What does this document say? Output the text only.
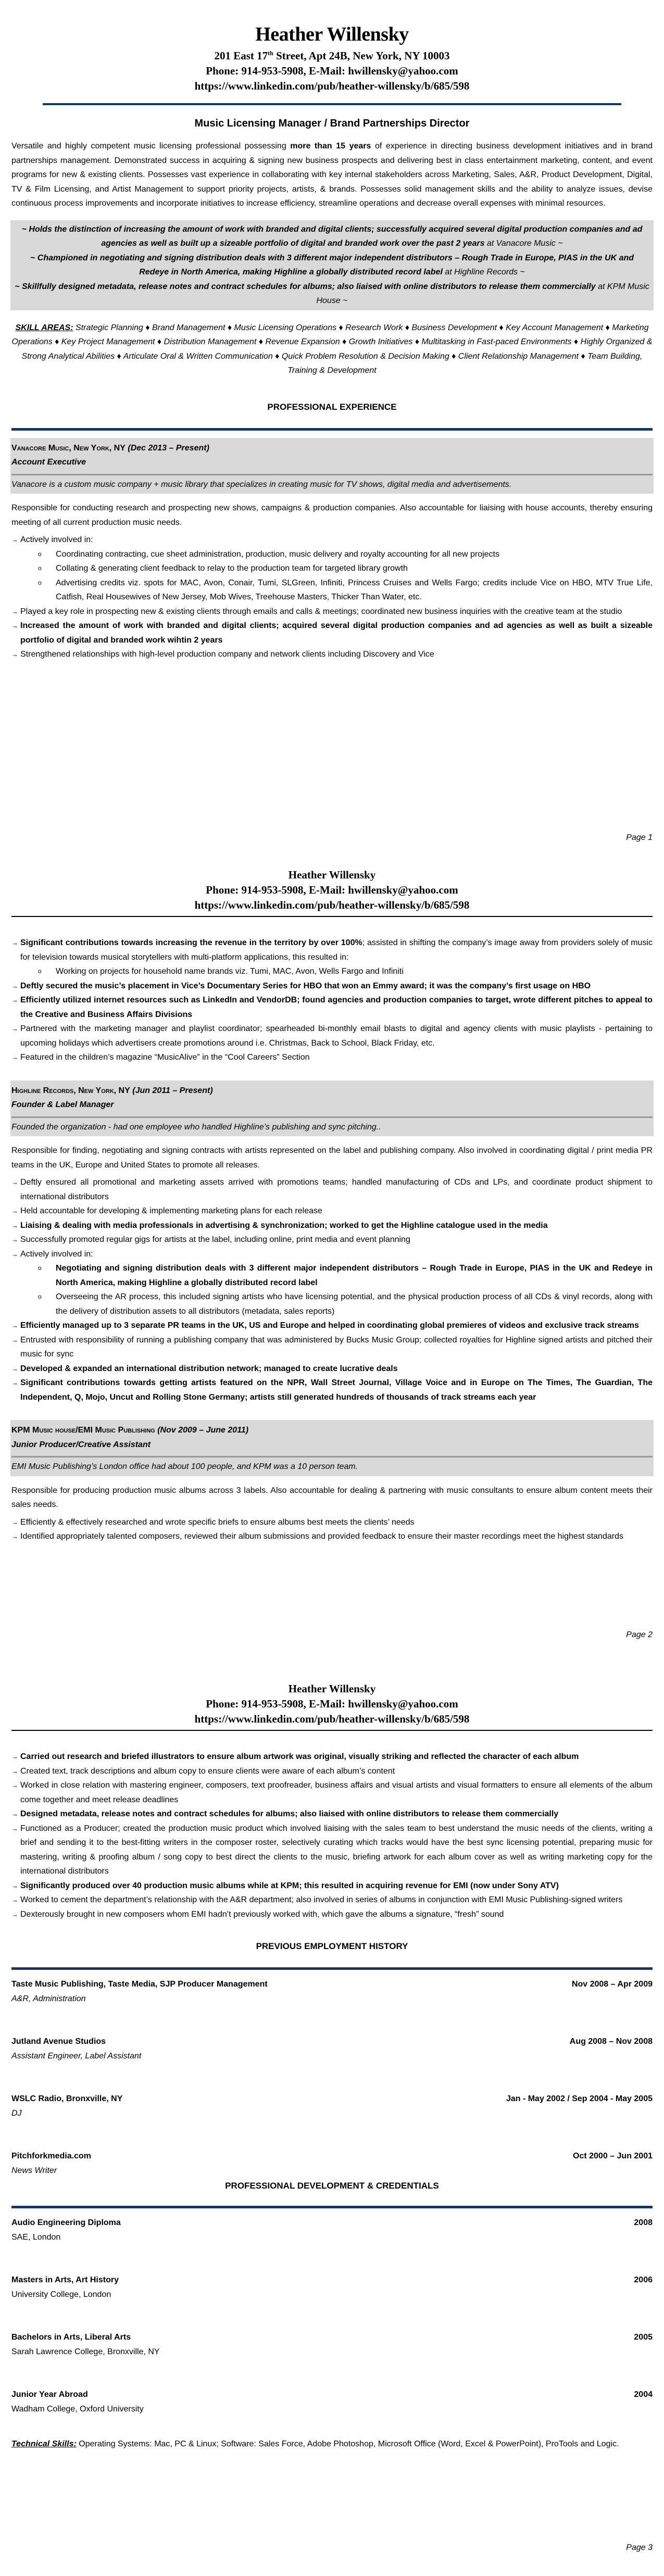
Heather Willensky
201 East 17th Street, Apt 24B, New York, NY 10003
Phone: 914-953-5908, E-Mail: hwillensky@yahoo.com
https://www.linkedin.com/pub/heather-willensky/b/685/598
Music Licensing Manager / Brand Partnerships Director
Versatile and highly competent music licensing professional possessing more than 15 years of experience in directing business development initiatives and in brand partnerships management. Demonstrated success in acquiring & signing new business prospects and delivering best in class entertainment marketing, content, and event programs for new & existing clients. Possesses vast experience in collaborating with key internal stakeholders across Marketing, Sales, A&R, Product Development, Digital, TV & Film Licensing, and Artist Management to support priority projects, artists, & brands. Possesses solid management skills and the ability to analyze issues, devise continuous process improvements and incorporate initiatives to increase efficiency, streamline operations and decrease overall expenses with minimal resources.
~ Holds the distinction of increasing the amount of work with branded and digital clients; successfully acquired several digital production companies and ad agencies as well as built up a sizeable portfolio of digital and branded work over the past 2 years at Vanacore Music ~
~ Championed in negotiating and signing distribution deals with 3 different major independent distributors – Rough Trade in Europe, PIAS in the UK and Redeye in North America, making Highline a globally distributed record label at Highline Records ~
~ Skillfully designed metadata, release notes and contract schedules for albums; also liaised with online distributors to release them commercially at KPM Music House ~
SKILL AREAS: Strategic Planning ♦ Brand Management ♦ Music Licensing Operations ♦ Research Work ♦ Business Development ♦ Key Account Management ♦ Marketing Operations ♦ Key Project Management ♦ Distribution Management ♦ Revenue Expansion ♦ Growth Initiatives ♦ Multitasking in Fast-paced Environments ♦ Highly Organized & Strong Analytical Abilities ♦ Articulate Oral & Written Communication ♦ Quick Problem Resolution & Decision Making ♦ Client Relationship Management ♦ Team Building, Training & Development
PROFESSIONAL EXPERIENCE
Vanacore Music, New York, NY (Dec 2013 – Present)
Account Executive
Vanacore is a custom music company + music library that specializes in creating music for TV shows, digital media and advertisements.
Responsible for conducting research and prospecting new shows, campaigns & production companies. Also accountable for liaising with house accounts, thereby ensuring meeting of all current production music needs.
→ Actively involved in:
o Coordinating contracting, cue sheet administration, production, music delivery and royalty accounting for all new projects
o Collating & generating client feedback to relay to the production team for targeted library growth
o Advertising credits viz. spots for MAC, Avon, Conair, Tumi, SLGreen, Infiniti, Princess Cruises and Wells Fargo; credits include Vice on HBO, MTV True Life, Catfish, Real Housewives of New Jersey, Mob Wives, Treehouse Masters, Thicker Than Water, etc.
→ Played a key role in prospecting new & existing clients through emails and calls & meetings; coordinated new business inquiries with the creative team at the studio
→ Increased the amount of work with branded and digital clients; acquired several digital production companies and ad agencies as well as built a sizeable portfolio of digital and branded work wihtin 2 years
→ Strengthened relationships with high-level production company and network clients including Discovery and Vice
Page 1
Heather Willensky
Phone: 914-953-5908, E-Mail: hwillensky@yahoo.com
https://www.linkedin.com/pub/heather-willensky/b/685/598
→ Significant contributions towards increasing the revenue in the territory by over 100%; assisted in shifting the company’s image away from providers solely of music for television towards musical storytellers with multi-platform applications, this resulted in:
o Working on projects for household name brands viz. Tumi, MAC, Avon, Wells Fargo and Infiniti
→ Deftly secured the music’s placement in Vice’s Documentary Series for HBO that won an Emmy award; it was the company’s first usage on HBO
→ Efficiently utilized internet resources such as LinkedIn and VendorDB; found agencies and production companies to target, wrote different pitches to appeal to the Creative and Business Affairs Divisions
→ Partnered with the marketing manager and playlist coordinator; spearheaded bi-monthly email blasts to digital and agency clients with music playlists - pertaining to upcoming holidays which advertisers create promotions around i.e. Christmas, Back to School, Black Friday, etc.
→ Featured in the children’s magazine “MusicAlive” in the “Cool Careers” Section
Highline Records, New York, NY (Jun 2011 – Present)
Founder & Label Manager
Founded the organization - had one employee who handled Highline’s publishing and sync pitching..
Responsible for finding, negotiating and signing contracts with artists represented on the label and publishing company. Also involved in coordinating digital / print media PR teams in the UK, Europe and United States to promote all releases.
→ Deftly ensured all promotional and marketing assets arrived with promotions teams; handled manufacturing of CDs and LPs, and coordinate product shipment to international distributors
→ Held accountable for developing & implementing marketing plans for each release
→ Liaising & dealing with media professionals in advertising & synchronization; worked to get the Highline catalogue used in the media
→ Successfully promoted regular gigs for artists at the label, including online, print media and event planning
→ Actively involved in:
o Negotiating and signing distribution deals with 3 different major independent distributors – Rough Trade in Europe, PIAS in the UK and Redeye in North America, making Highline a globally distributed record label
o Overseeing the AR process, this included signing artists who have licensing potential, and the physical production process of all CDs & vinyl records, along with the delivery of distribution assets to all distributors (metadata, sales reports)
→ Efficiently managed up to 3 separate PR teams in the UK, US and Europe and helped in coordinating global premieres of videos and exclusive track streams
→ Entrusted with responsibility of running a publishing company that was administered by Bucks Music Group; collected royalties for Highline signed artists and pitched their music for sync
→ Developed & expanded an international distribution network; managed to create lucrative deals
→ Significant contributions towards getting artists featured on the NPR, Wall Street Journal, Village Voice and in Europe on The Times, The Guardian, The Independent, Q, Mojo, Uncut and Rolling Stone Germany; artists still generated hundreds of thousands of track streams each year
KPM Music house/EMI Music Publishing (Nov 2009 – June 2011)
Junior Producer/Creative Assistant
EMI Music Publishing’s London office had about 100 people, and KPM was a 10 person team.
Responsible for producing production music albums across 3 labels. Also accountable for dealing & partnering with music consultants to ensure album content meets their sales needs.
→ Efficiently & effectively researched and wrote specific briefs to ensure albums best meets the clients’ needs
→ Identified appropriately talented composers, reviewed their album submissions and provided feedback to ensure their master recordings meet the highest standards
Page 2
Heather Willensky
Phone: 914-953-5908, E-Mail: hwillensky@yahoo.com
https://www.linkedin.com/pub/heather-willensky/b/685/598
→ Carried out research and briefed illustrators to ensure album artwork was original, visually striking and reflected the character of each album
→ Created text, track descriptions and album copy to ensure clients were aware of each album’s content
→ Worked in close relation with mastering engineer, composers, text proofreader, business affairs and visual artists and visual formatters to ensure all elements of the album come together and meet release deadlines
→ Designed metadata, release notes and contract schedules for albums; also liaised with online distributors to release them commercially
→ Functioned as a Producer; created the production music product which involved liaising with the sales team to best understand the music needs of the clients, writing a brief and sending it to the best-fitting writers in the composer roster, selectively curating which tracks would have the best sync licensing potential, preparing music for mastering, writing & proofing album / song copy to best direct the clients to the music, briefing artwork for each album cover as well as writing marketing copy for the international distributors
→ Significantly produced over 40 production music albums while at KPM; this resulted in acquiring revenue for EMI (now under Sony ATV)
→ Worked to cement the department’s relationship with the A&R department; also involved in series of albums in conjunction with EMI Music Publishing-signed writers
→ Dexterously brought in new composers whom EMI hadn’t previously worked with, which gave the albums a signature, “fresh” sound
PREVIOUS EMPLOYMENT HISTORY
Taste Music Publishing, Taste Media, SJP Producer Management	Nov 2008 – Apr 2009
A&R, Administration
Jutland Avenue Studios	Aug 2008 – Nov 2008
Assistant Engineer, Label Assistant
WSLC Radio, Bronxville, NY	Jan - May 2002 / Sep 2004 - May 2005
DJ
Pitchforkmedia.com	Oct 2000 – Jun 2001
News Writer
PROFESSIONAL DEVELOPMENT & CREDENTIALS
Audio Engineering Diploma	2008
SAE, London
Masters in Arts, Art History	2006
University College, London
Bachelors in Arts, Liberal Arts	2005
Sarah Lawrence College, Bronxville, NY
Junior Year Abroad	2004
Wadham College, Oxford University
Technical Skills: Operating Systems: Mac, PC & Linux; Software: Sales Force, Adobe Photoshop, Microsoft Office (Word, Excel & PowerPoint), ProTools and Logic.
Page 3
